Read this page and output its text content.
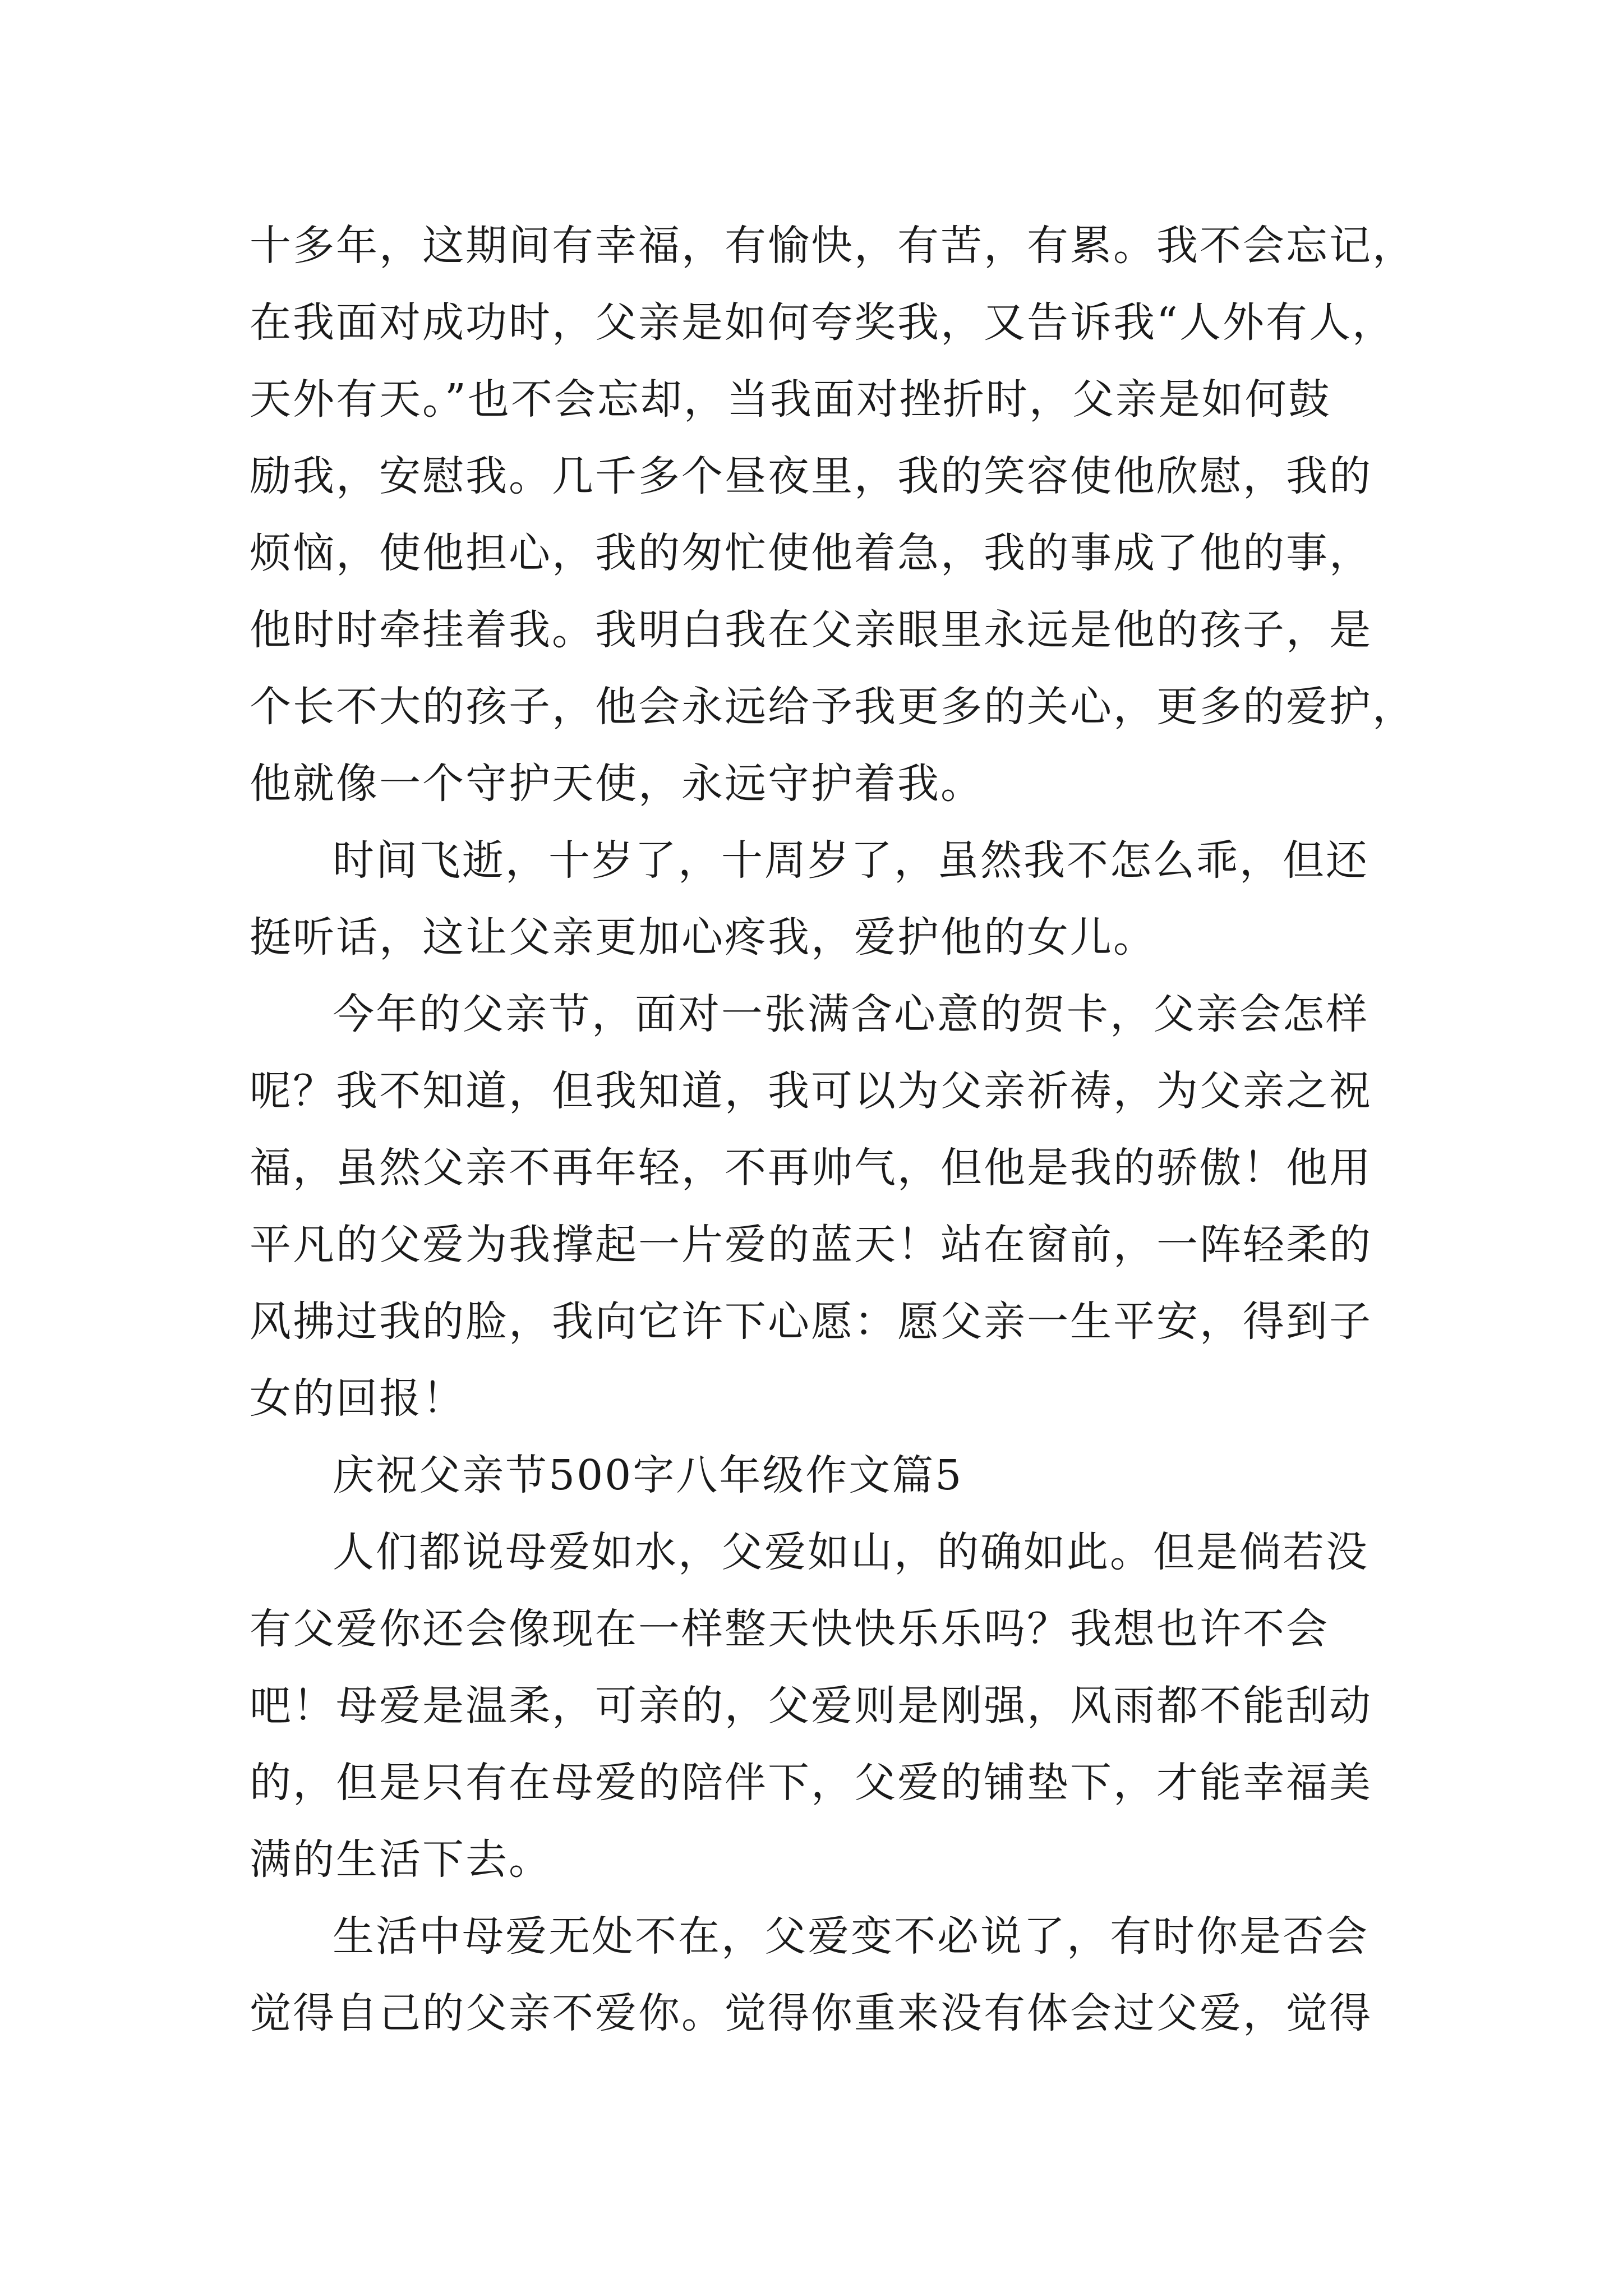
十多年，这期间有幸福，有愉快，有苦，有累。我不会忘记，
在我面对成功时，父亲是如何夸奖我，又告诉我“人外有人，
天外有天。”也不会忘却，当我面对挫折时，父亲是如何鼓
励我，安慰我。几千多个昼夜里，我的笑容使他欣慰，我的
烦恼，使他担心，我的匆忙使他着急，我的事成了他的事，
他时时牵挂着我。我明白我在父亲眼里永远是他的孩子，是
个长不大的孩子，他会永远给予我更多的关心，更多的爱护，
他就像一个守护天使，永远守护着我。
时间飞逝，十岁了，十周岁了，虽然我不怎么乖，但还
挺听话，这让父亲更加心疼我，爱护他的女儿。
今年的父亲节，面对一张满含心意的贺卡，父亲会怎样
呢？我不知道，但我知道，我可以为父亲祈祷，为父亲之祝
福，虽然父亲不再年轻，不再帅气，但他是我的骄傲！他用
平凡的父爱为我撑起一片爱的蓝天！站在窗前，一阵轻柔的
风拂过我的脸，我向它许下心愿：愿父亲一生平安，得到子
女的回报！
庆祝父亲节500字八年级作文篇5
人们都说母爱如水，父爱如山，的确如此。但是倘若没
有父爱你还会像现在一样整天快快乐乐吗？我想也许不会
吧！母爱是温柔，可亲的，父爱则是刚强，风雨都不能刮动
的，但是只有在母爱的陪伴下，父爱的铺垫下，才能幸福美
满的生活下去。
生活中母爱无处不在，父爱变不必说了，有时你是否会
觉得自己的父亲不爱你。觉得你重来没有体会过父爱，觉得
